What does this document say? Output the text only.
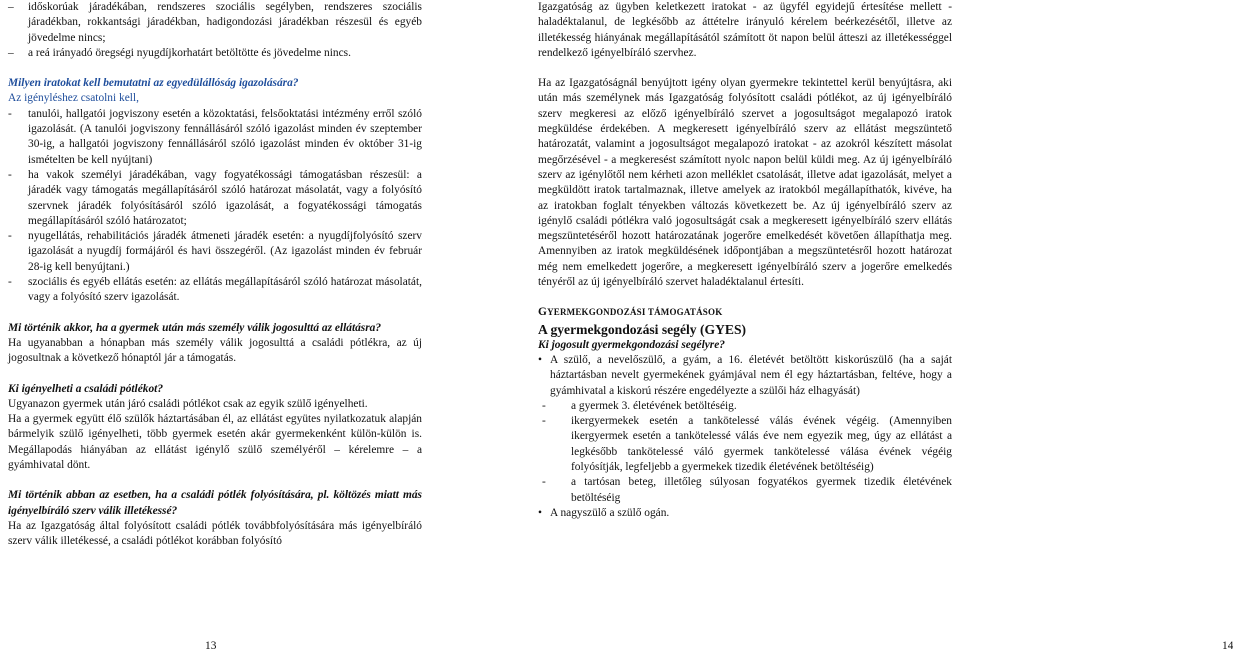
– időskorúak járadékában, rendszeres szociális segélyben, rendszeres szociális járadékban, rokkantsági járadékban, hadigondozási járadékban részesül és egyéb jövedelme nincs;
– a reá irányadó öregségi nyugdíjkorhatárt betöltötte és jövedelme nincs.

Milyen iratokat kell bemutatni az egyedülállóság igazolására?

Az igényléshez csatolni kell,

- tanulói, hallgatói jogviszony esetén a közoktatási, felsőoktatási intézmény erről szóló igazolását. (A tanulói jogviszony fennállásáról szóló igazolást minden év szeptember 30-ig, a hallgatói jogviszony fennállásáról szóló igazolást minden év október 31-ig ismételten be kell nyújtani)
- ha vakok személyi járadékában, vagy fogyatékossági támogatásban részesül: a járadék vagy támogatás megállapításáról szóló határozat másolatát, vagy a folyósító szervnek járadék folyósításáról szóló igazolását, a fogyatékossági támogatás megállapításáról szóló határozatot;
- nyugellátás, rehabilitációs járadék átmeneti járadék esetén: a nyugdíjfolyósító szerv igazolását a nyugdíj formájáról és havi összegéről. (Az igazolást minden év február 28-ig kell benyújtani.)
- szociális és egyéb ellátás esetén: az ellátás megállapításáról szóló határozat másolatát, vagy a folyósító szerv igazolását.

Mi történik akkor, ha a gyermek után más személy válik jogosulttá az ellátásra?

Ha ugyanabban a hónapban más személy válik jogosulttá a családi pótlékra, az új jogosultnak a következő hónaptól jár a támogatás.

Ki igényelheti a családi pótlékot?

Ugyanazon gyermek után járó családi pótlékot csak az egyik szülő igényelheti.

Ha a gyermek együtt élő szülők háztartásában él, az ellátást együtes nyilatkozatuk alapján bármelyik szülő igényelheti, több gyermek esetén akár gyermekenként külön-külön is. Megállapodás hiányában az ellátást igénylő szülő személyéről – kérelemre – a gyámhivatal dönt.

Mi történik abban az esetben, ha a családi pótlék folyósítására, pl. költözés miatt más igényelbíráló szerv válik illetékessé?

Ha az Igazgatóság által folyósított családi pótlék továbbfolyósítására más igényelbíráló szerv válik illetékessé, a családi pótlékot korábban folyósító

13

Igazgatóság az ügyben keletkezett iratokat - az ügyfél egyidejű értesítése mellett - haladéktalanul, de legkésőbb az áttételre irányuló kérelem beérkezésétől, illetve az illetékesség hiányának megállapításától számított öt napon belül átteszi az illetékességgel rendelkező igényelbíráló szervhez.

Ha az Igazgatóságnál benyújtott igény olyan gyermekre tekintettel kerül benyújtásra, aki után más személynek más Igazgatóság folyósított családi pótlékot, az új igényelbíráló szerv megkeresi az előző igényelbíráló szervet a jogosultságot megalapozó iratok megküldése érdekében. A megkeresett igényelbíráló szerv az ellátást megszüntető határozatát, valamint a jogosultságot megalapozó iratokat - az azokról készített másolat megőrzésével - a megkeresést számított nyolc napon belül küldi meg. Az új igényelbíráló szerv az igénylőtől nem kérheti azon melléklet csatolását, illetve adat igazolását, melyet a megküldött iratok tartalmaznak, illetve amelyek az iratokból megállapíthatók, kivéve, ha az iratokban foglalt tényekben változás következett be. Az új igényelbíráló szerv az igénylő családi pótlékra való jogosultságát csak a megkeresett igényelbíráló szerv ellátás megszüntetéséről hozott határozatának jogerőre emelkedését követően állapíthatja meg. Amennyiben az iratok megküldésének időpontjában a megszüntetésről hozott határozat még nem emelkedett jogerőre, a megkeresett igényelbíráló szerv a jogerőre emelkedés tényéről az új igényelbíráló szervet haladéktalanul értesíti.

GYERMEKGONDOZÁSI TÁMOGATÁSOK

A gyermekgondozási segély (GYES)

Ki jogosult gyermekgondozási segélyre?

• A szülő, a nevelőszülő, a gyám, a 16. életévét betöltött kiskorúszülő (ha a saját háztartásban nevelt gyermekének gyámjával nem él egy háztartásban, feltéve, hogy a gyámhivatal a kiskorú részére engedélyezte a szülői ház elhagyását)
- a gyermek 3. életévének betöltéséig.
- ikergyermekek esetén a tankötelessé válás évének végéig. (Amennyiben ikergyermek esetén a tankötelessé válás éve nem egyezik meg, úgy az ellátást a legkésőbb tankötelessé váló gyermek tankötelessé válása évének végéig folyósítják, legfeljebb a gyermekek tizedik életévének betöltéséig)
- a tartósan beteg, illetőleg súlyosan fogyatékos gyermek tizedik életévének betöltéséig
• A nagyszülő a szülő ogán.
14
